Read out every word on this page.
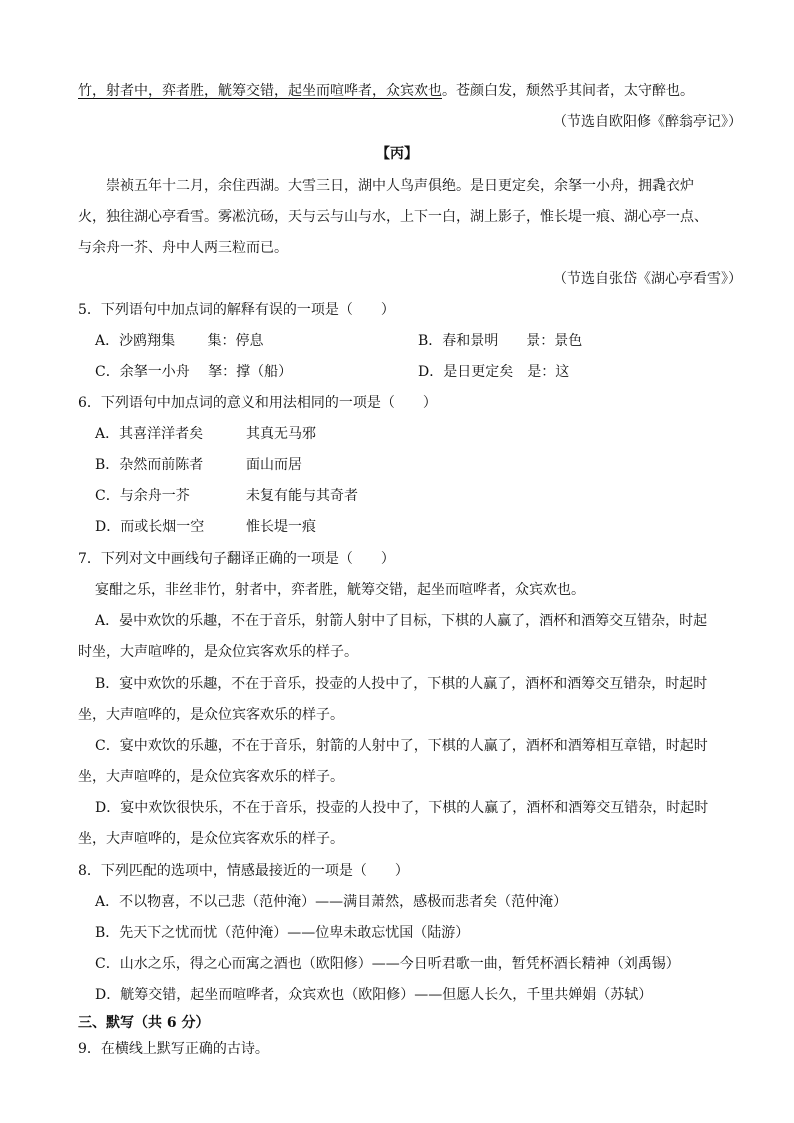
竹，射者中，弈者胜，觥筹交错，起坐而喧哗者，众宾欢也。苍颜白发，颓然乎其间者，太守醉也。
（节选自欧阳修《醉翁亭记》）
【丙】
崇祯五年十二月，余住西湖。大雪三日，湖中人鸟声俱绝。是日更定矣，余拏一小舟，拥毳衣炉
火，独往湖心亭看雪。雾凇沆砀，天与云与山与水，上下一白，湖上影子，惟长堤一痕、湖心亭一点、
与余舟一芥、舟中人两三粒而已。
（节选自张岱《湖心亭看雪》）
5．下列语句中加点词的解释有误的一项是（　　）
A．沙鸥翔集　　 集：停息	B．春和景明　　景：景色
C．余拏一小舟　 拏：撑（船）	D．是日更定矣　是：这
6．下列语句中加点词的意义和用法相同的一项是（　　）
A．其喜洋洋者矣	其真无马邪
B．杂然而前陈者	面山而居
C．与余舟一芥	未复有能与其奇者
D．而或长烟一空	惟长堤一痕
7．下列对文中画线句子翻译正确的一项是（　　）
宴酣之乐，非丝非竹，射者中，弈者胜，觥筹交错，起坐而喧哗者，众宾欢也。
A．晏中欢饮的乐趣，不在于音乐，射箭人射中了目标，下棋的人赢了，酒杯和酒筹交互错杂，时起
时坐，大声喧哗的，是众位宾客欢乐的样子。
B．宴中欢饮的乐趣，不在于音乐，投壶的人投中了，下棋的人赢了，酒杯和酒筹交互错杂，时起时
坐，大声喧哗的，是众位宾客欢乐的样子。
C．宴中欢饮的乐趣，不在于音乐，射箭的人射中了，下棋的人赢了，酒杯和酒筹相互章错，时起时
坐，大声喧哗的，是众位宾客欢乐的样子。
D．宴中欢饮很快乐，不在于音乐，投壶的人投中了，下棋的人赢了，酒杯和酒筹交互错杂，时起时
坐，大声喧哗的，是众位宾客欢乐的样子。
8．下列匹配的选项中，情感最接近的一项是（　　）
A．不以物喜，不以己悲（范仲淹）——满目萧然，感极而悲者矣（范仲淹）
B．先天下之忧而忧（范仲淹）——位卑未敢忘忧国（陆游）
C．山水之乐，得之心而寓之酒也（欧阳修）——今日听君歌一曲，暂凭杯酒长精神（刘禹锡）
D．觥筹交错，起坐而喧哗者，众宾欢也（欧阳修）——但愿人长久，千里共婵娟（苏轼）
三、默写（共 6 分）
9．在横线上默写正确的古诗。
